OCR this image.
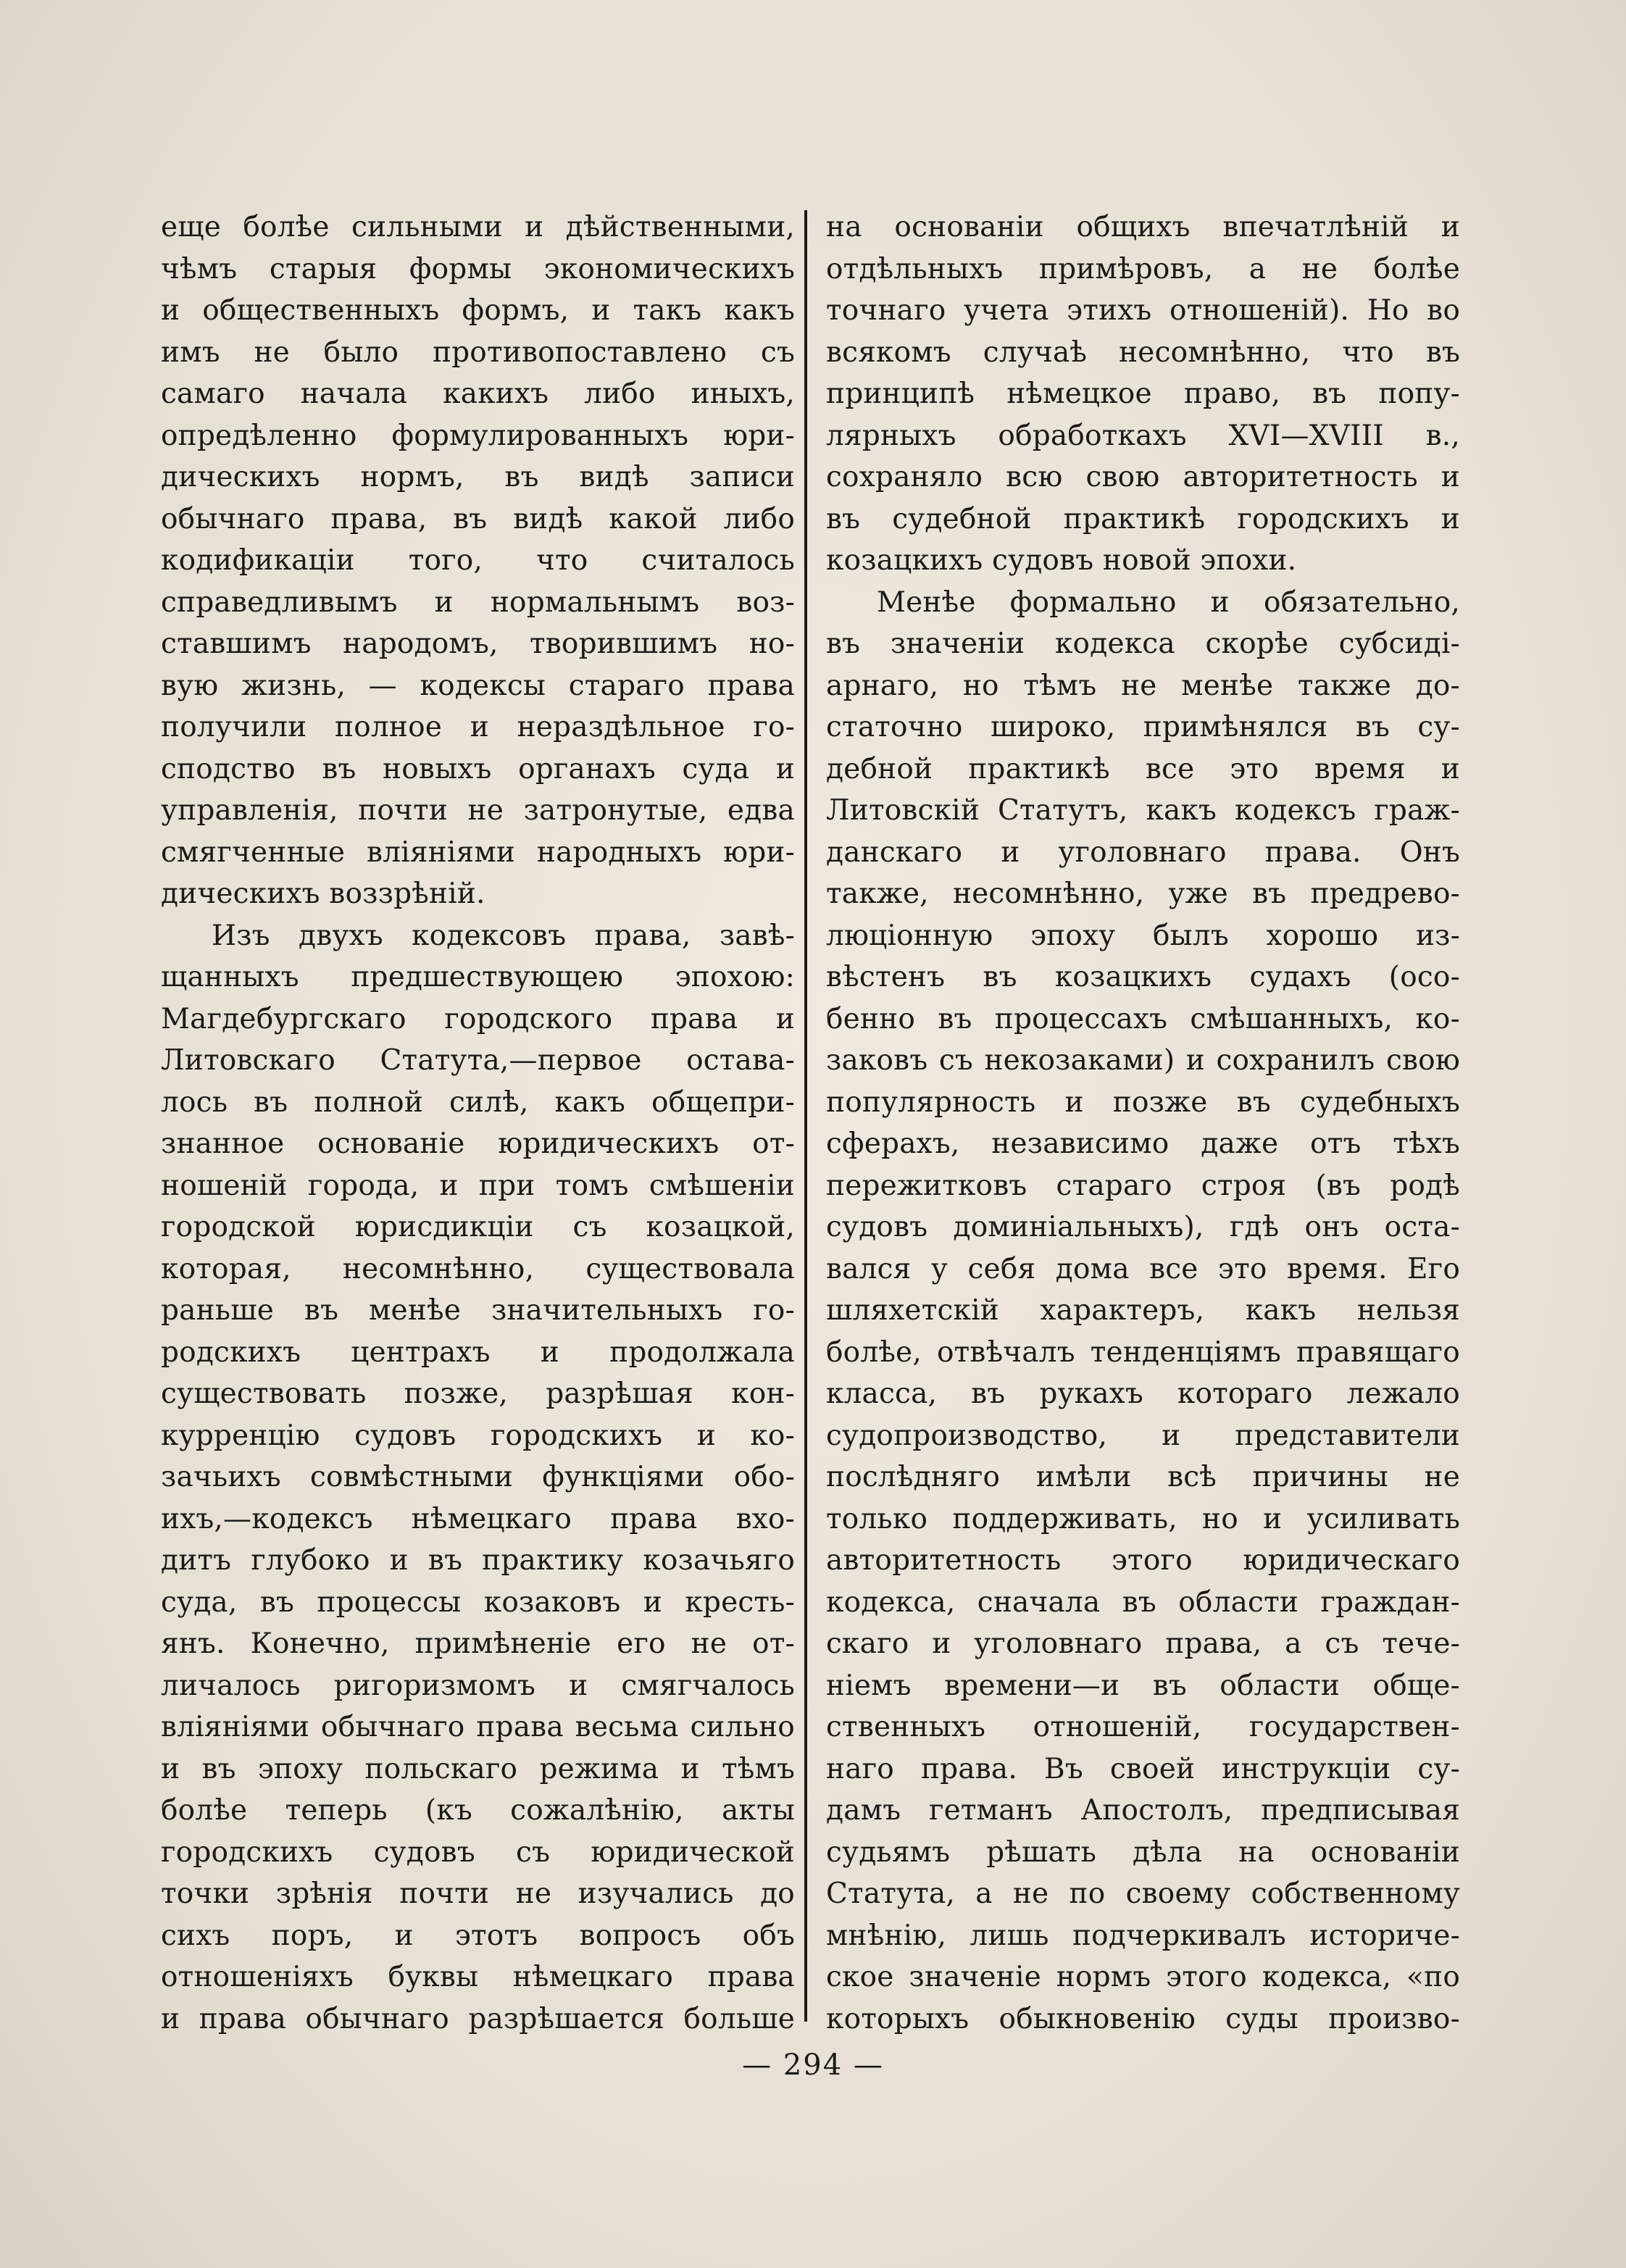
еще болѣе сильными и дѣйственными,
чѣмъ старыя формы экономическихъ
и общественныхъ формъ, и такъ какъ
имъ не было противопоставлено съ
самаго начала какихъ либо иныхъ,
опредѣленно формулированныхъ юри-
дическихъ нормъ, въ видѣ записи
обычнаго права, въ видѣ какой либо
кодификацiи того, что считалось
справедливымъ и нормальнымъ воз-
ставшимъ народомъ, творившимъ но-
вую жизнь, — кодексы стараго права
получили полное и нераздѣльное го-
сподство въ новыхъ органахъ суда и
управленія, почти не затронутые, едва
смягченные вліяніями народныхъ юри-
дическихъ воззрѣній.
Изъ двухъ кодексовъ права, завѣ-
щанныхъ предшествующею эпохою:
Магдебургскаго городского права и
Литовскаго Статута,—первое остава-
лось въ полной силѣ, какъ общепри-
знанное основаніе юридическихъ от-
ношеній города, и при томъ смѣшеніи
городской юрисдикціи съ козацкой,
которая, несомнѣнно, существовала
раньше въ менѣе значительныхъ го-
родскихъ центрахъ и продолжала
существовать позже, разрѣшая кон-
курренцію судовъ городскихъ и ко-
зачьихъ совмѣстными функціями обо-
ихъ,—кодексъ нѣмецкаго права вхо-
дитъ глубоко и въ практику козачьяго
суда, въ процессы козаковъ и кресть-
янъ. Конечно, примѣненіе его не от-
личалось ригоризмомъ и смягчалось
вліяніями обычнаго права весьма сильно
и въ эпоху польскаго режима и тѣмъ
болѣе теперь (къ сожалѣнію, акты
городскихъ судовъ съ юридической
точки зрѣнія почти не изучались до
сихъ поръ, и этотъ вопросъ объ
отношеніяхъ буквы нѣмецкаго права
и права обычнаго разрѣшается больше
на основаніи общихъ впечатлѣній и
отдѣльныхъ примѣровъ, а не болѣе
точнаго учета этихъ отношеній). Но во
всякомъ случаѣ несомнѣнно, что въ
принципѣ нѣмецкое право, въ попу-
лярныхъ обработкахъ XVI—XVIII в.,
сохраняло всю свою авторитетность и
въ судебной практикѣ городскихъ и
козацкихъ судовъ новой эпохи.
Менѣе формально и обязательно,
въ значеніи кодекса скорѣе субсидi-
арнаго, но тѣмъ не менѣе также до-
статочно широко, примѣнялся въ су-
дебной практикѣ все это время и
Литовскій Статутъ, какъ кодексъ граж-
данскаго и уголовнаго права. Онъ
также, несомнѣнно, уже въ предрево-
люціонную эпоху былъ хорошо из-
вѣстенъ въ козацкихъ судахъ (осо-
бенно въ процессахъ смѣшанныхъ, ко-
заковъ съ некозаками) и сохранилъ свою
популярность и позже въ судебныхъ
сферахъ, независимо даже отъ тѣхъ
пережитковъ стараго строя (въ родѣ
судовъ доминіальныхъ), гдѣ онъ оста-
вался у себя дома все это время. Его
шляхетскій характеръ, какъ нельзя
болѣе, отвѣчалъ тенденціямъ правящаго
класса, въ рукахъ котораго лежало
судопроизводство, и представители
послѣдняго имѣли всѣ причины не
только поддерживать, но и усиливать
авторитетность этого юридическаго
кодекса, сначала въ области граждан-
скаго и уголовнаго права, а съ тече-
ніемъ времени—и въ области обще-
ственныхъ отношеній, государствен-
наго права. Въ своей инструкціи су-
дамъ гетманъ Апостолъ, предписывая
судьямъ рѣшать дѣла на основаніи
Статута, а не по своему собственному
мнѣнію, лишь подчеркивалъ историче-
ское значеніе нормъ этого кодекса, «по
которыхъ обыкновенію суды произво-
— 294 —
